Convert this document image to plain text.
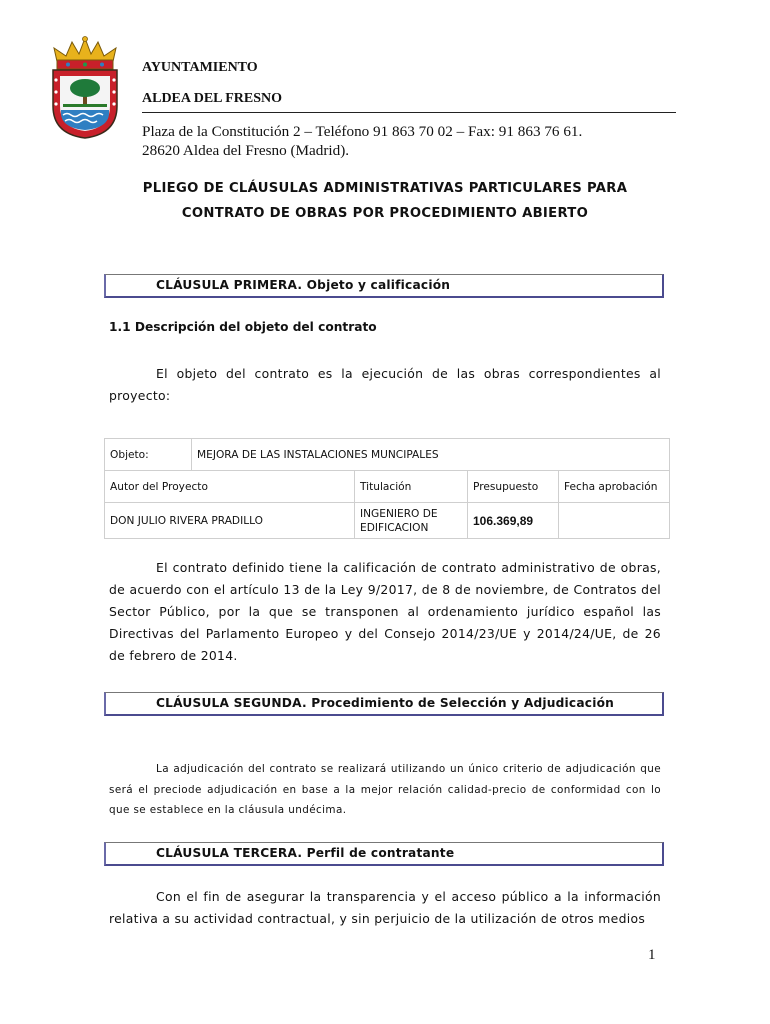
AYUNTAMIENTO
ALDEA DEL FRESNO
Plaza de la Constitución 2 – Teléfono 91 863 70 02 – Fax: 91 863 76 61.
28620 Aldea del Fresno (Madrid).
PLIEGO DE CLÁUSULAS ADMINISTRATIVAS PARTICULARES PARA
CONTRATO DE OBRAS POR PROCEDIMIENTO ABIERTO
CLÁUSULA PRIMERA. Objeto y calificación
1.1 Descripción del objeto del contrato
El objeto del contrato es la ejecución de las obras correspondientes al proyecto:
Objeto:	MEJORA DE LAS INSTALACIONES MUNCIPALES			
Autor del Proyecto		Titulación	Presupuesto	Fecha aprobación
DON JULIO RIVERA PRADILLO		INGENIERO DE EDIFICACION	106.369,89	
El contrato definido tiene la calificación de contrato administrativo de obras, de acuerdo con el artículo 13 de la Ley 9/2017, de 8 de noviembre, de Contratos del Sector Público, por la que se transponen al ordenamiento jurídico español las Directivas del Parlamento Europeo y del Consejo 2014/23/UE y 2014/24/UE, de 26 de febrero de 2014.
CLÁUSULA SEGUNDA. Procedimiento de Selección y Adjudicación
La adjudicación del contrato se realizará utilizando un único criterio de adjudicación que será el preciode adjudicación en base a la mejor relación calidad-precio de conformidad con lo que se establece en la cláusula undécima.
CLÁUSULA TERCERA. Perfil de contratante
Con el fin de asegurar la transparencia y el acceso público a la información relativa a su actividad contractual, y sin perjuicio de la utilización de otros medios
1
